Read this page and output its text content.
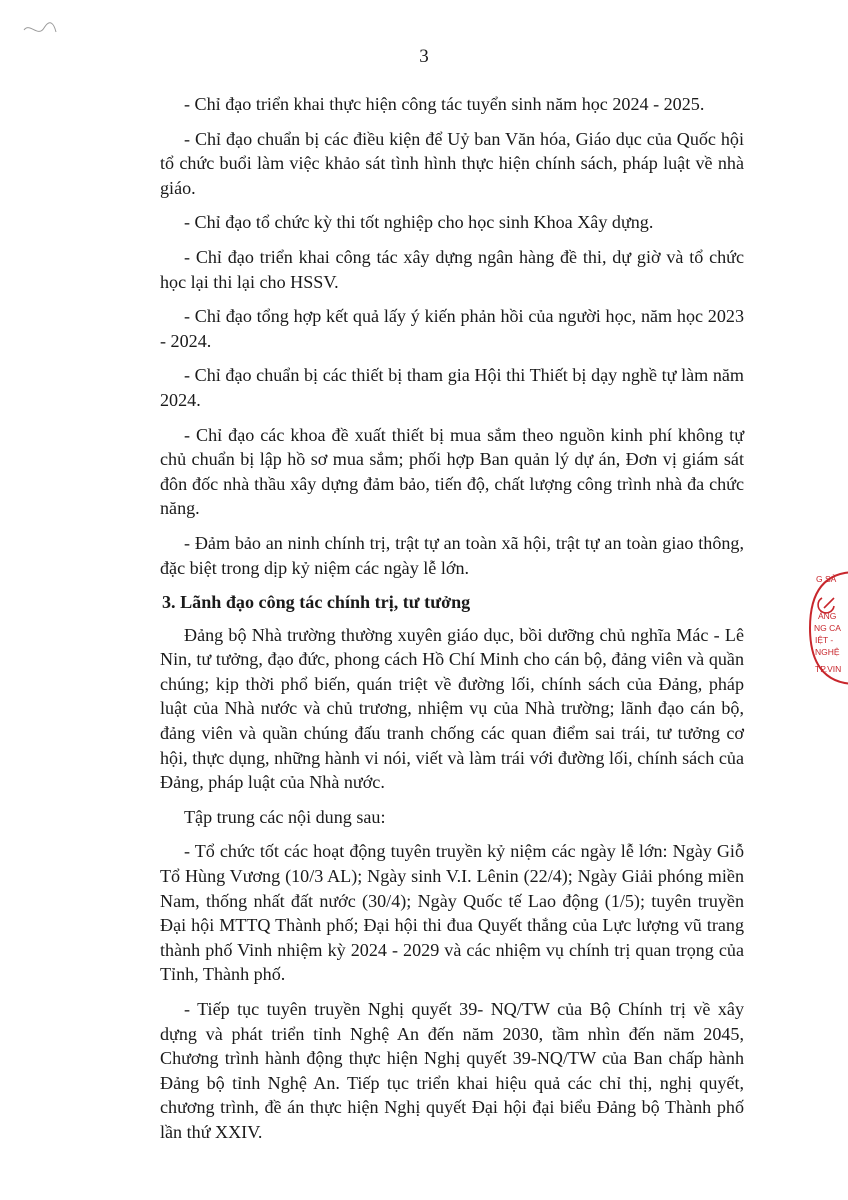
3

- Chỉ đạo triển khai thực hiện công tác tuyển sinh năm học 2024 - 2025.

- Chỉ đạo chuẩn bị các điều kiện để Uỷ ban Văn hóa, Giáo dục của Quốc hội tổ chức buổi làm việc khảo sát tình hình thực hiện chính sách, pháp luật về nhà giáo.

- Chỉ đạo tổ chức kỳ thi tốt nghiệp cho học sinh Khoa Xây dựng.

- Chỉ đạo triển khai công tác xây dựng ngân hàng đề thi, dự giờ và tổ chức học lại thi lại cho HSSV.

- Chỉ đạo tổng hợp kết quả lấy ý kiến phản hồi của người học, năm học 2023 - 2024.

- Chỉ đạo chuẩn bị các thiết bị tham gia Hội thi Thiết bị dạy nghề tự làm năm 2024.

- Chỉ đạo các khoa đề xuất thiết bị mua sắm theo nguồn kinh phí không tự chủ chuẩn bị lập hồ sơ mua sắm; phối hợp Ban quản lý dự án, Đơn vị giám sát đôn đốc nhà thầu xây dựng đảm bảo, tiến độ, chất lượng công trình nhà đa chức năng.

- Đảm bảo an ninh chính trị, trật tự an toàn xã hội, trật tự an toàn giao thông, đặc biệt trong dịp kỷ niệm các ngày lễ lớn.

3. Lãnh đạo công tác chính trị, tư tưởng

Đảng bộ Nhà trường thường xuyên giáo dục, bồi dưỡng chủ nghĩa Mác - Lê Nin, tư tưởng, đạo đức, phong cách Hồ Chí Minh cho cán bộ, đảng viên và quần chúng; kịp thời phổ biến, quán triệt về đường lối, chính sách của Đảng, pháp luật của Nhà nước và chủ trương, nhiệm vụ của Nhà trường; lãnh đạo cán bộ, đảng viên và quần chúng đấu tranh chống các quan điểm sai trái, tư tưởng cơ hội, thực dụng, những hành vi nói, viết và làm trái với đường lối, chính sách của Đảng, pháp luật của Nhà nước.

Tập trung các nội dung sau:

- Tổ chức tốt các hoạt động tuyên truyền kỷ niệm các ngày lễ lớn: Ngày Giỗ Tổ Hùng Vương (10/3 AL); Ngày sinh V.I. Lênin (22/4); Ngày Giải phóng miền Nam, thống nhất đất nước (30/4); Ngày Quốc tế Lao động (1/5); tuyên truyền Đại hội MTTQ Thành phố; Đại hội thi đua Quyết thắng của Lực lượng vũ trang thành phố Vinh nhiệm kỳ 2024 - 2029 và các nhiệm vụ chính trị quan trọng của Tỉnh, Thành phố.

- Tiếp tục tuyên truyền Nghị quyết 39- NQ/TW của Bộ Chính trị về xây dựng và phát triển tỉnh Nghệ An đến năm 2030, tầm nhìn đến năm 2045, Chương trình hành động thực hiện Nghị quyết 39-NQ/TW của Ban chấp hành Đảng bộ tỉnh Nghệ An. Tiếp tục triển khai hiệu quả các chỉ thị, nghị quyết, chương trình, đề án thực hiện Nghị quyết Đại hội đại biểu Đảng bộ Thành phố lần thứ XXIV.

G SẢ
ẢNG
NG CA
IỆT -
NGHỆ
TP.VIN
